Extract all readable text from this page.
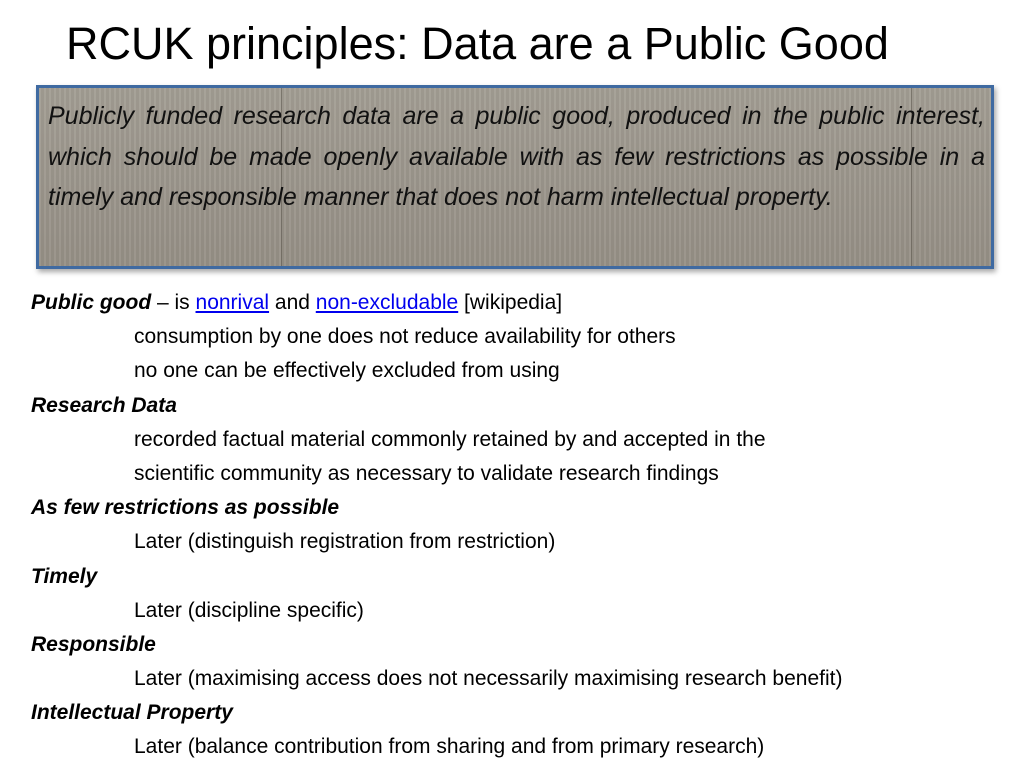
RCUK principles: Data are a Public Good

Publicly funded research data are a public good, produced in the public interest, which should be made openly available with as few restrictions as possible in a timely and responsible manner that does not harm intellectual property.

Public good – is nonrival and non-excludable [wikipedia]
consumption by one does not reduce availability for others
no one can be effectively excluded from using
Research Data
recorded factual material commonly retained by and accepted in the
scientific community as necessary to validate research findings
As few restrictions as possible
Later (distinguish registration from restriction)
Timely
Later (discipline specific)
Responsible
Later (maximising access does not necessarily maximising research benefit)
Intellectual Property
Later (balance contribution from sharing and from primary research)
